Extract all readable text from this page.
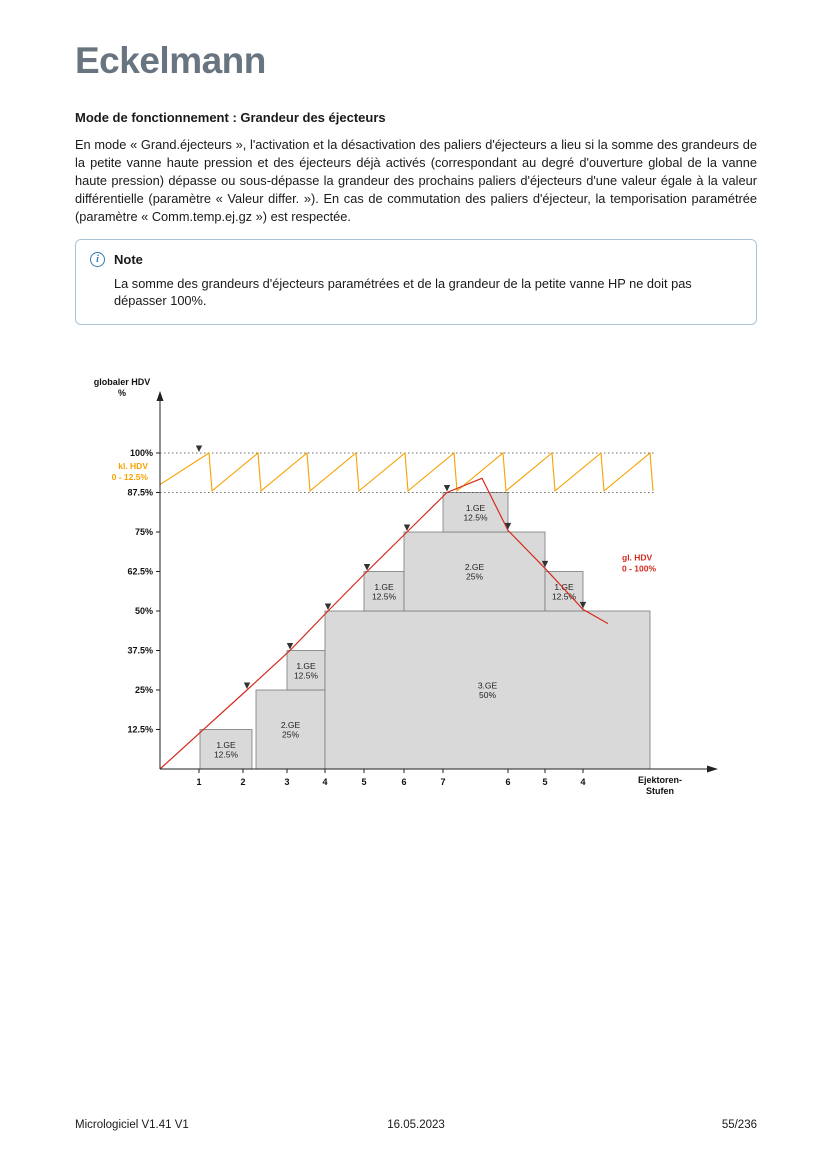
Eckelmann
Mode de fonctionnement : Grandeur des éjecteurs

En mode « Grand.éjecteurs », l'activation et la désactivation des paliers d'éjecteurs a lieu si la somme des grandeurs de la petite vanne haute pression et des éjecteurs déjà activés (correspondant au degré d'ouverture global de la vanne haute pression) dépasse ou sous-dépasse la grandeur des prochains paliers d'éjecteurs d'une valeur égale à la valeur différentielle (paramètre « Valeur differ. »). En cas de commutation des paliers d'éjecteur, la temporisation paramétrée (paramètre « Comm.temp.ej.gz ») est respectée.

i	Note

La somme des grandeurs d'éjecteurs paramétrées et de la grandeur de la petite vanne HP ne doit pas dépasser 100%.

1.GE
12.5%
2.GE
25%
1.GE
12.5%
3.GE
50%
1.GE
12.5%
2.GE
25%
1.GE
12.5%
1.GE
12.5%
100%
87.5%
75%
62.5%
50%
37.5%
25%
12.5%
1	2	3	4	5	6	7	6	5	4
globaler HDV
%
Ejektoren-
Stufen
kl. HDV
0 - 12.5%
gl. HDV
0 - 100%
Micrologiciel V1.41 V1	16.05.2023	55/236
